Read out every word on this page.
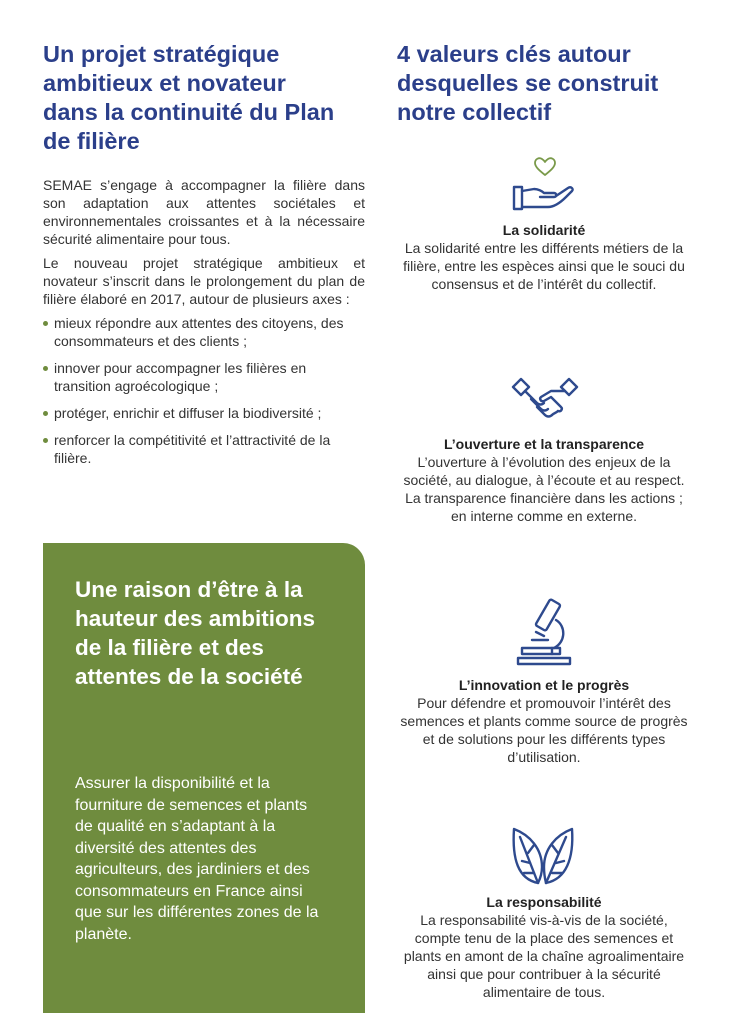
Un projet stratégique ambitieux et novateur dans la continuité du Plan de filière

SEMAE s’engage à accompagner la filière dans son adaptation aux attentes sociétales et environnementales croissantes et à la nécessaire sécurité alimentaire pour tous.

Le nouveau projet stratégique ambitieux et novateur s’inscrit dans le prolongement du plan de filière élaboré en 2017, autour de plusieurs axes :

mieux répondre aux attentes des citoyens, des consommateurs et des clients ;
innover pour accompagner les filières en transition agroécologique ;
protéger, enrichir et diffuser la biodiversité ;
renforcer la compétitivité et l’attractivité de la filière.
Une raison d’être à la hauteur des ambitions de la filière et des attentes de la société
Assurer la disponibilité et la fourniture de semences et plants de qualité en s’adaptant à la diversité des attentes des agriculteurs, des jardiniers et des consommateurs en France ainsi que sur les différentes zones de la planète.
4 valeurs clés autour desquelles se construit notre collectif
La solidarité
La solidarité entre les différents métiers de la filière, entre les espèces ainsi que le souci du consensus et de l’intérêt du collectif.
L’ouverture et la transparence
L’ouverture à l’évolution des enjeux de la société, au dialogue, à l’écoute et au respect. La transparence financière dans les actions ; en interne comme en externe.
L’innovation et le progrès
Pour défendre et promouvoir l’intérêt des semences et plants comme source de progrès et de solutions pour les différents types d’utilisation.
La responsabilité
La responsabilité vis-à-vis de la société, compte tenu de la place des semences et plants en amont de la chaîne agroalimentaire ainsi que pour contribuer à la sécurité alimentaire de tous.
